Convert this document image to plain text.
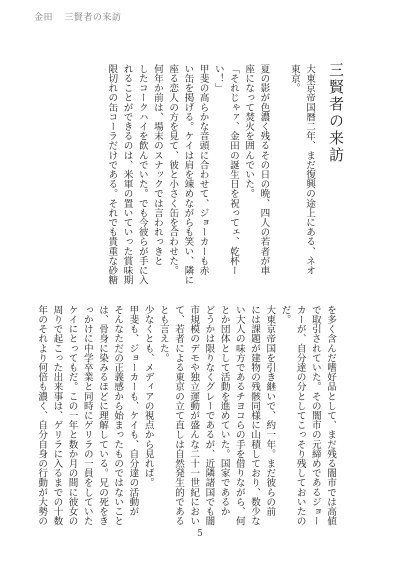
金田 三賢者の来訪
三賢者の来訪

大東京帝国暦二年、まだ復興の途上にある、ネオ

東京。

夏の影が色濃く残るその日の晩、四人の若者が車

座になって焚火を囲んでいた。

「それじゃァ、金田の誕生日を祝ってェ、乾杯ー

い！」

甲斐の高らかな音頭に合わせて、ジョーカーも赤

い缶を掲げる。ケイは肩を竦めながらも笑い、隣に

座る恋人の方を見て、彼と小さく缶を合わせた。

何年か前は、場末のスナックでは言われっきと

したコークハイを飲んでいた。でも今彼らが手に入

れることができるのは、米軍の置いていった賞味期

限切れの缶コーラだけである。それでも貴重な砂糖

を多く含んだ嗜好品として、まだ残る闇市では高値

で取引されていた。その闇市の元締めであるジョー

カーが、自分達の分としてこっそり残しておいたの

だ。

大東京帝国を引き継いで、約一年。まだ彼らの前

には課題が建物の残骸同様に山積しており、数少な

い大人の味方であるチヨコらの手を借りながら、何

とか団体として活動を進めていた。国家であるか

どうかは限りなくグレーであるが、近隣諸国でも闇

市規模のデモや独立運動が盛んな二十一世紀におい

て、若者による東京の立て直しは自然発生的である

とも言えた。

少なくとも、メディアの視点から見れば。

甲斐も、ジョーカーも、ケイも、自分達の活動が

そんなただの正義感から始まったものではないこと

は、骨身に染みるほどに理解している。兄の死をき

っかけに中学卒業と同時にゲリラの一員をしていた

ケイにとってもだ。この一年と数か月の間に彼女の

周りで起こった出来事は、ゲリラに入るまでの十数

年のそれより何倍も濃く、自分自身の行動が大勢の

5
